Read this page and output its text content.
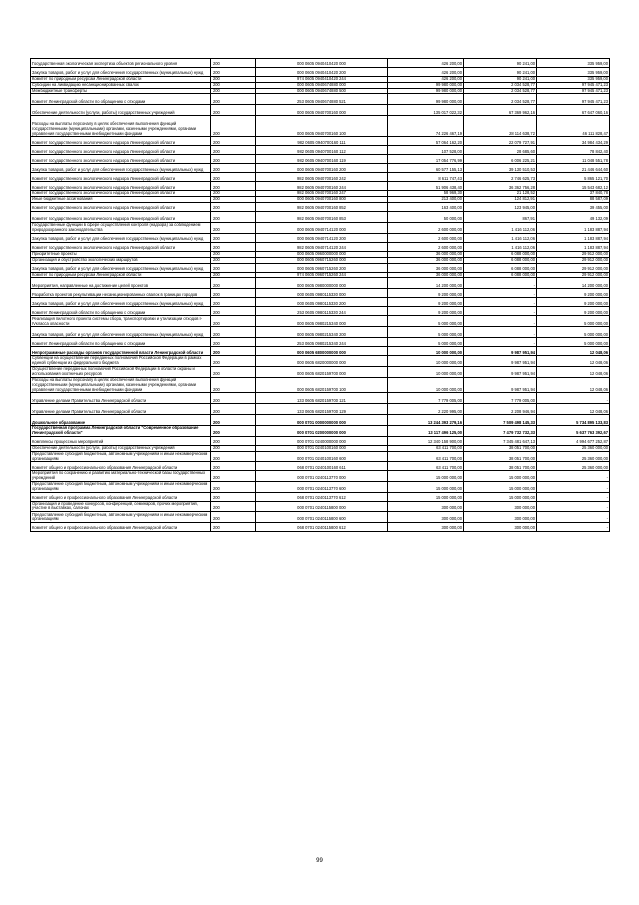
Государственная экологическая экспертиза объектов регионального уровня	200	000 0605 0940410420 000	426 200,00	90 241,00	335 959,00
Закупка товаров, работ и услуг для обеспечения государственных (муниципальных) нужд	200	000 0605 0940410420 200	426 200,00	90 241,00	335 959,00
Комитет по природным ресурсам Ленинградской области	200	974 0605 0940410420 244	426 200,00	90 241,00	335 959,00
Субсидии на ликвидацию несанкционированных свалок	200	000 0605 0940674880 000	99 980 000,00	2 034 528,77	97 945 471,23
Межбюджетные трансферты	200	000 0605 0940674880 500	99 980 000,00	2 034 528,77	97 945 471,23
Комитет Ленинградской области по обращению с отходами	200	253 0605 0940674880 521	99 980 000,00	2 034 528,77	97 945 471,23
Обеспечение деятельности (услуги, работы) государственных учреждений	200	000 0605 0940700160 000	135 017 022,32	67 369 962,16	67 647 060,16
Расходы на выплаты персоналу в целях обеспечения выполнения функций государственными (муниципальными) органами, казенными учреждениями, органами управления государственными внебюджетными фондами	200	000 0605 0940700160 100	74 226 467,19	28 114 638,72	46 111 828,47
Комитет государственного экологического надзора Ленинградской области	200	982 0605 0940700160 111	57 064 162,20	22 079 727,91	34 984 434,29
Комитет государственного экологического надзора Ленинградской области	200	982 0605 0940700160 112	107 528,00	28 685,60	78 842,40
Комитет государственного экологического надзора Ленинградской области	200	982 0605 0940700160 119	17 054 776,99	6 006 225,21	11 048 551,78
Закупка товаров, работ и услуг для обеспечения государственных (муниципальных) нужд	200	000 0605 0940700160 200	60 577 155,13	39 130 510,53	21 446 644,60
Комитет государственного экологического надзора Ленинградской области	200	982 0605 0940700160 242	8 611 747,43	2 746 625,73	5 865 121,70
Комитет государственного экологического надзора Ленинградской области	200	982 0605 0940700160 244	51 906 438,40	36 362 756,28	15 543 682,12
Комитет государственного экологического надзора Ленинградской области	200	982 0605 0940700160 247	58 969,30	21 128,52	37 840,78
Иные бюджетные ассигнования	200	000 0605 0940700160 800	213 400,00	124 812,91	88 587,09
Комитет государственного экологического надзора Ленинградской области	200	982 0605 0940700160 852	163 400,00	123 945,00	39 455,00
Комитет государственного экологического надзора Ленинградской области	200	982 0605 0940700160 853	50 000,00	867,91	49 132,09
Государственные функции в сфере осуществления контроля (надзора) за соблюдением природоохранного законодательства	200	000 0605 0940714120 000	2 600 000,00	1 416 112,06	1 183 887,94
Закупка товаров, работ и услуг для обеспечения государственных (муниципальных) нужд	200	000 0605 0940714120 200	2 600 000,00	1 416 112,06	1 183 887,94
Комитет государственного экологического надзора Ленинградской области	200	982 0605 0940714120 244	2 600 000,00	1 416 112,06	1 183 887,94
Приоритетные проекты	200	000 0605 0960000000 000	36 000 000,00	6 088 000,00	29 912 000,00
Организация и обустройство экологических маршрутов	200	000 0605 0960715260 000	36 000 000,00	6 088 000,00	29 912 000,00
Закупка товаров, работ и услуг для обеспечения государственных (муниципальных) нужд	200	000 0605 0960715260 200	36 000 000,00	6 088 000,00	29 912 000,00
Комитет по природным ресурсам Ленинградской области	200	974 0605 0960715260 244	36 000 000,00	6 088 000,00	29 912 000,00
Мероприятия, направленные на достижение целей проектов	200	000 0605 0980000000 000	14 200 000,00	-	14 200 000,00
Разработка проектов рекультивации несанкционированных свалок в границах городов	200	000 0605 0980115330 000	9 200 000,00	-	9 200 000,00
Закупка товаров, работ и услуг для обеспечения государственных (муниципальных) нужд	200	000 0605 0980115330 200	9 200 000,00	-	9 200 000,00
Комитет Ленинградской области по обращению с отходами	200	253 0605 0980115330 244	9 200 000,00	-	9 200 000,00
Реализация пилотного проекта системы сбора, транспортировки и утилизации отходов I-IVкласса опасности	200	000 0605 0980215340 000	5 000 000,00	-	5 000 000,00
Закупка товаров, работ и услуг для обеспечения государственных (муниципальных) нужд	200	000 0605 0980215340 200	5 000 000,00	-	5 000 000,00
Комитет Ленинградской области по обращению с отходами	200	253 0605 0980215340 244	5 000 000,00	-	5 000 000,00
Непрограммные расходы органов государственной власти Ленинградской области	200	000 0605 6800000000 000	10 000 000,00	9 987 951,94	12 048,06
Субвенции на осуществление переданных полномочий Российской Федерации в рамках единой субвенции из федерального бюджета	200	000 0605 6820000000 000	10 000 000,00	9 987 951,94	12 048,06
Осуществление переданных полномочий Российской Федерации в области охраны и использования охотничьих ресурсов	200	000 0605 6820159700 000	10 000 000,00	9 987 951,94	12 048,06
Расходы на выплаты персоналу в целях обеспечения выполнения функций государственными (муниципальными) органами, казенными учреждениями, органами управления государственными внебюджетными фондами	200	000 0605 6820159700 100	10 000 000,00	9 987 951,94	12 048,06
Управление делами Правительства Ленинградской области	200	133 0605 6820159700 121	7 779 005,00	7 779 005,00	-
Управление делами Правительства Ленинградской области	200	133 0605 6820159700 129	2 220 995,00	2 208 946,94	12 048,06
Дошкольное образование	200	000 0701 0000000000 000	13 244 393 279,16	7 509 498 145,33	5 734 895 133,83
Государственная программа Ленинградской области "Современное образование Ленинградской области"	200	000 0701 0200000000 000	13 117 496 125,00	7 479 732 732,33	5 637 763 392,67
Комплексы процессных мероприятий	200	000 0701 0240000000 000	12 340 158 900,00	7 345 481 647,13	4 994 677 252,87
Обеспечение деятельности (услуги, работы) государственных учреждений	200	000 0701 0240100160 000	63 411 700,00	38 051 700,00	25 360 000,00
Предоставление субсидий бюджетным, автономным учреждениям и иным некоммерческим организациям	200	000 0701 0240100160 600	63 411 700,00	38 051 700,00	25 360 000,00
Комитет общего и профессионального образования Ленинградской области	200	068 0701 0240100160 611	63 411 700,00	38 051 700,00	25 360 000,00
Мероприятия по сохранению и развитию материально-технической базы государственных учреждений	200	000 0701 0240113770 000	15 000 000,00	15 000 000,00	-
Предоставление субсидий бюджетным, автономным учреждениям и иным некоммерческим организациям	200	000 0701 0240113770 600	15 000 000,00	15 000 000,00	-
Комитет общего и профессионального образования Ленинградской области	200	068 0701 0240113770 612	15 000 000,00	15 000 000,00	-
Организация и проведение конкурсов, конференций, семинаров, прочих мероприятий, участие в выставках, салонах	200	000 0701 0240115800 000	300 000,00	300 000,00	-
Предоставление субсидий бюджетным, автономным учреждениям и иным некоммерческим организациям	200	000 0701 0240115800 600	300 000,00	300 000,00	-
Комитет общего и профессионального образования Ленинградской области	200	068 0701 0240115800 612	300 000,00	300 000,00	-
99
